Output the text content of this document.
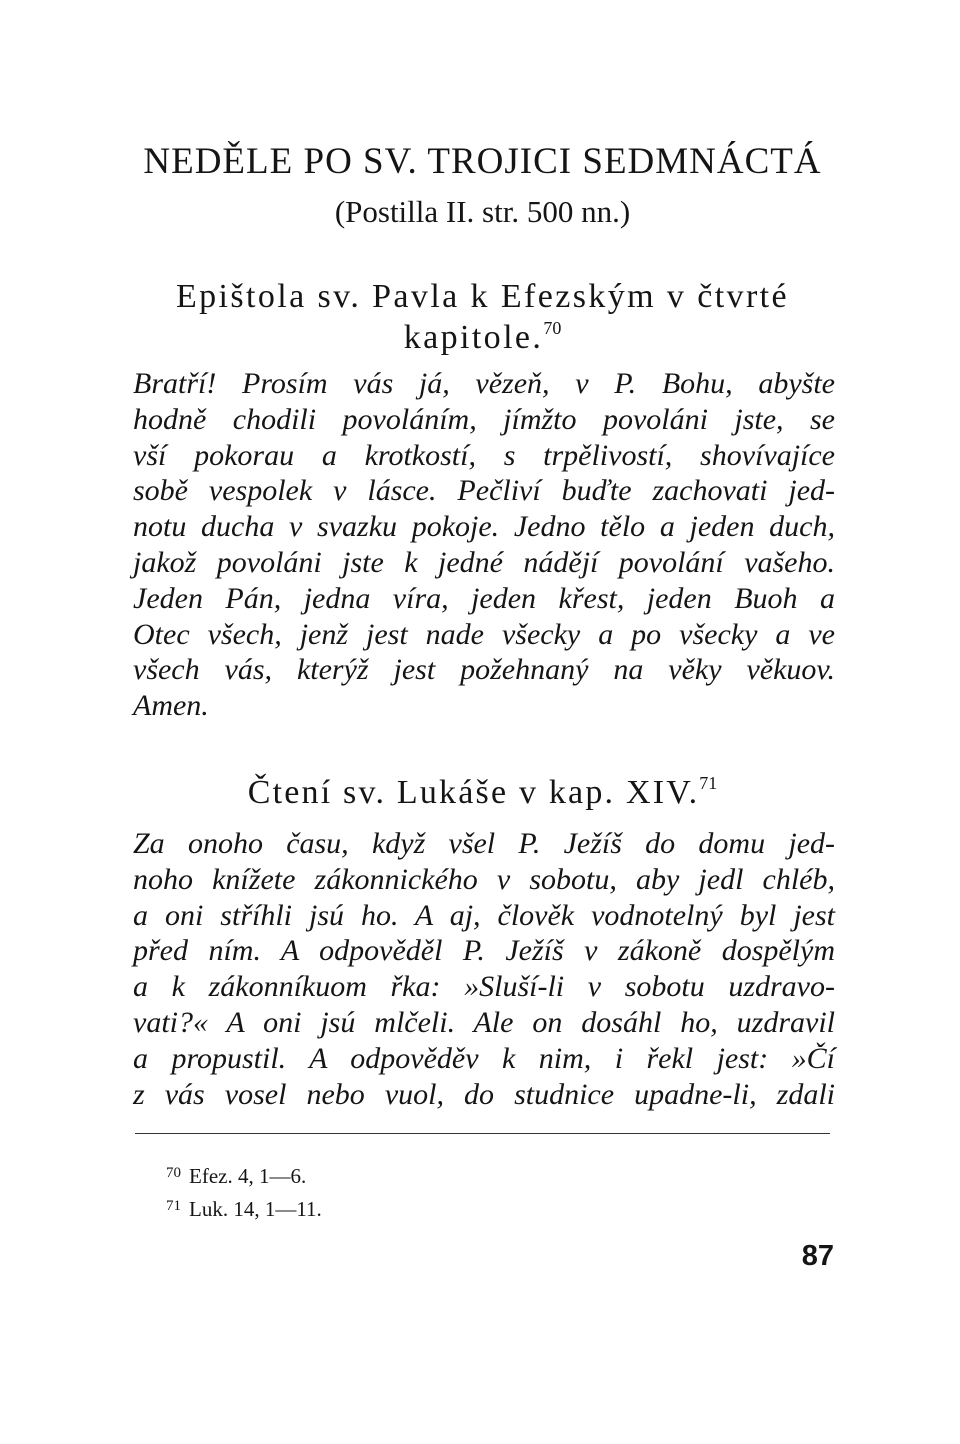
NEDĚLE PO SV. TROJICI SEDMNÁCTÁ
(Postilla II. str. 500 nn.)
Epištola sv. Pavla k Efezským v čtvrté
kapitole.$^{70}$
Bratří! Prosím vás já, vězeň, v P. Bohu, abyšte
hodně chodili povoláním, jímžto povoláni jste, se
vší pokorau a krotkostí, s trpělivostí, shovívajíce
sobě vespolek v lásce. Pečliví buďte zachovati jed-
notu ducha v svazku pokoje. Jedno tělo a jeden duch,
jakož povoláni jste k jedné nádějí povolání vašeho.
Jeden Pán, jedna víra, jeden křest, jeden Buoh a
Otec všech, jenž jest nade všecky a po všecky a ve
všech vás, kterýž jest požehnaný na věky věkuov.
Amen.
Čtení sv. Lukáše v kap. XIV.$^{71}$
Za onoho času, když všel P. Ježíš do domu jed-
noho knížete zákonnického v sobotu, aby jedl chléb,
a oni stříhli jsú ho. A aj, člověk vodnotelný byl jest
před ním. A odpověděl P. Ježíš v zákoně dospělým
a k zákonníkuom řka: »Sluší-li v sobotu uzdravo-
vati?« A oni jsú mlčeli. Ale on dosáhl ho, uzdravil
a propustil. A odpověděv k nim, i řekl jest: »Čí
z vás vosel nebo vuol, do studnice upadne-li, zdali
$^{70}$ Efez. 4, 1—6.
$^{71}$ Luk. 14, 1—11.
87
